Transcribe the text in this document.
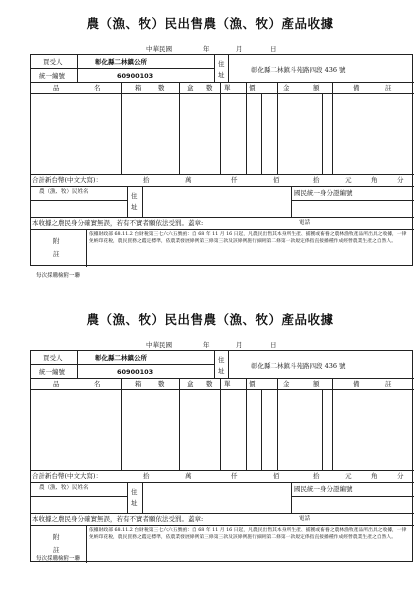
農（漁、牧）民出售農（漁、牧）產品收據
中華民國	年	月	日
買受人	彰化縣二林鎮公所
統一編號	60900103
住址
彰化縣二林鎮斗苑路四段 436 號
品	名	箱	數	盒 數 單	價	金	額	備	註
合計新台幣(中文大寫)：	拾	萬	仟	佰	拾	元	角	分
農（漁、牧）民姓名	住址
國民統一身分證編號
本收據之農民身分確實無誤，若有不實者願依法受罰。蓋章:	電話
附註
依據財政部 68.11.2 台財稅第三七六六五號函：自 68 年 11 月 16 日起，凡農民出售其本身所生產、捕獲或畜養之農林漁牧產品所出具之收據，一律免納印花稅，農民買務之鑑定標準，依農業發展條例第三條第三款及該條例施行細則第二條第一款規定係指直接播種作成經營農業生產之自然人。
每次採購檢附一聯
農（漁、牧）民出售農（漁、牧）產品收據
中華民國	年	月	日
買受人	彰化縣二林鎮公所
統一編號	60900103
住址
彰化縣二林鎮斗苑路四段 436 號
品	名	箱	數	盒 數 單	價	金	額	備	註
合計新台幣(中文大寫)：	拾	萬	仟	佰	拾	元	角	分
農（漁、牧）民姓名	住址
國民統一身分證編號
本收據之農民身分確實無誤，若有不實者願依法受罰。蓋章:	電話
附註
依據財政部 68.11.2 台財稅第三七六六五號函：自 68 年 11 月 16 日起，凡農民出售其本身所生產、捕獲或畜養之農林漁牧產品所出具之收據，一律免納印花稅，農民買務之鑑定標準，依農業發展條例第三條第三款及該條例施行細則第二條第一款規定係指直接播種作成經營農業生產之自然人。
每次採購檢附一聯
